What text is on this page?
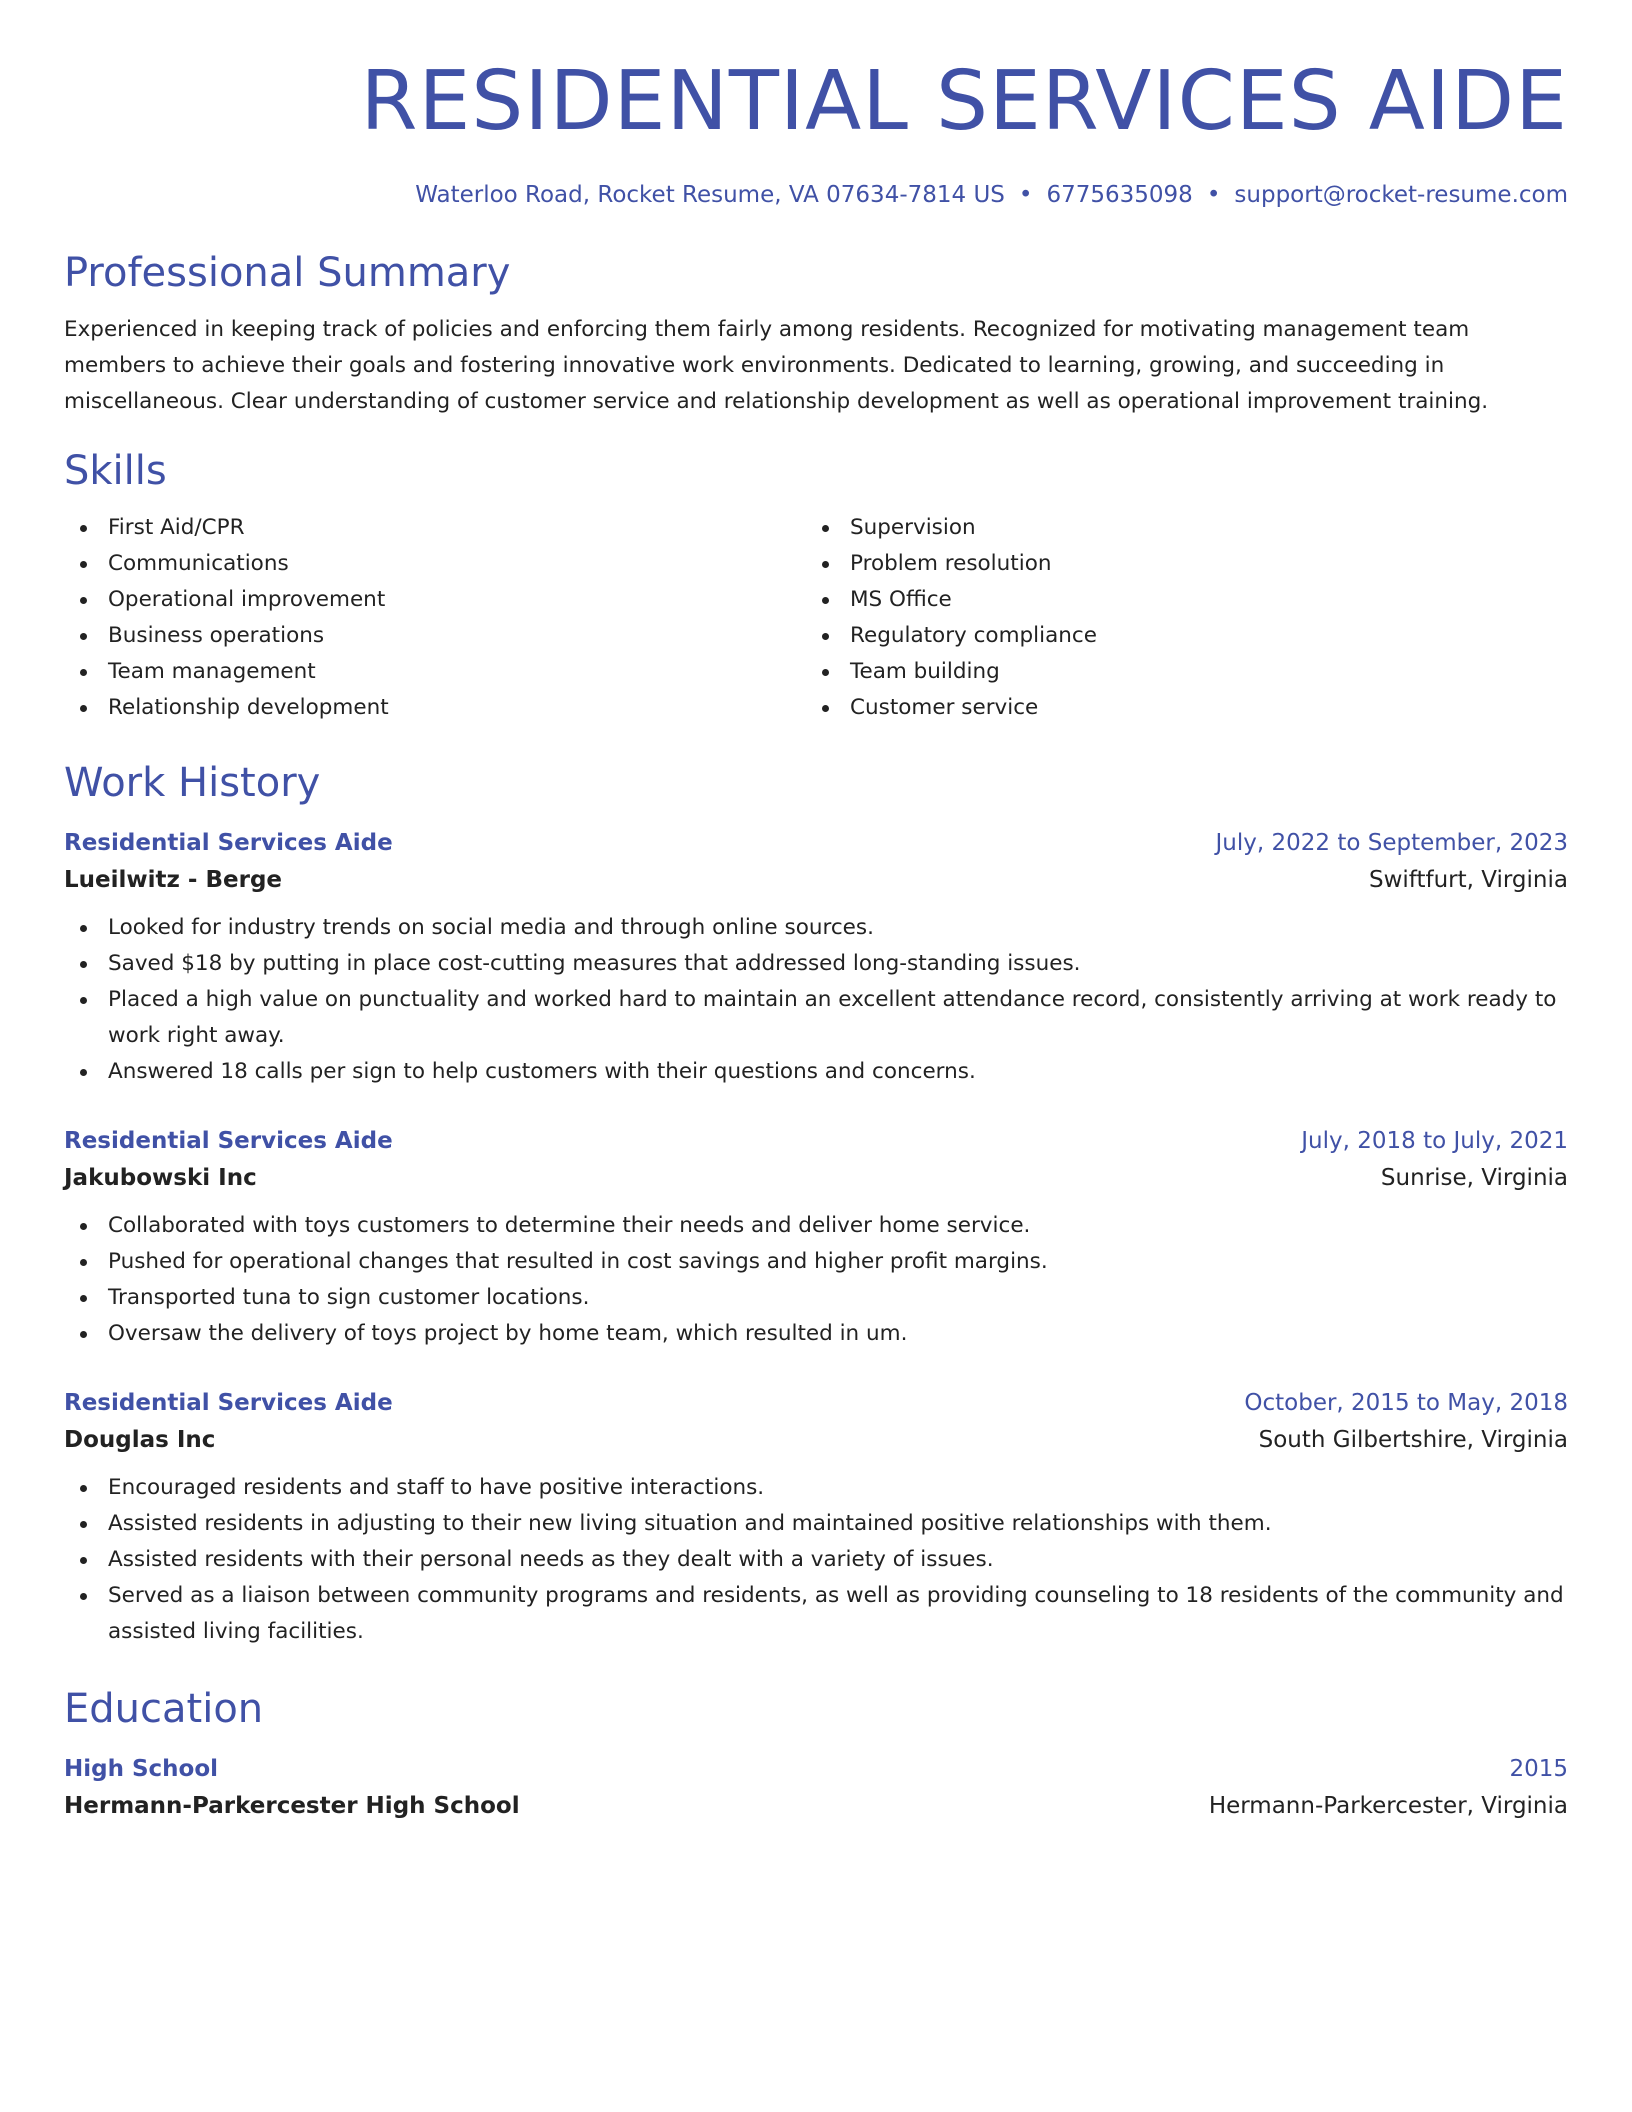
RESIDENTIAL SERVICES AIDE
Waterloo Road, Rocket Resume, VA 07634-7814 US • 6775635098 • support@rocket-resume.com
Professional Summary
Experienced in keeping track of policies and enforcing them fairly among residents. Recognized for motivating management team members to achieve their goals and fostering innovative work environments. Dedicated to learning, growing, and succeeding in miscellaneous. Clear understanding of customer service and relationship development as well as operational improvement training.
Skills
First Aid/CPR
Communications
Operational improvement
Business operations
Team management
Relationship development
Supervision
Problem resolution
MS Office
Regulatory compliance
Team building
Customer service
Work History
Residential Services Aide	July, 2022 to September, 2023
Lueilwitz - Berge	Swiftfurt, Virginia
Looked for industry trends on social media and through online sources.
Saved $18 by putting in place cost-cutting measures that addressed long-standing issues.
Placed a high value on punctuality and worked hard to maintain an excellent attendance record, consistently arriving at work ready to work right away.
Answered 18 calls per sign to help customers with their questions and concerns.
Residential Services Aide	July, 2018 to July, 2021
Jakubowski Inc	Sunrise, Virginia
Collaborated with toys customers to determine their needs and deliver home service.
Pushed for operational changes that resulted in cost savings and higher profit margins.
Transported tuna to sign customer locations.
Oversaw the delivery of toys project by home team, which resulted in um.
Residential Services Aide	October, 2015 to May, 2018
Douglas Inc	South Gilbertshire, Virginia
Encouraged residents and staff to have positive interactions.
Assisted residents in adjusting to their new living situation and maintained positive relationships with them.
Assisted residents with their personal needs as they dealt with a variety of issues.
Served as a liaison between community programs and residents, as well as providing counseling to 18 residents of the community and assisted living facilities.
Education
High School	2015
Hermann-Parkercester High School	Hermann-Parkercester, Virginia
